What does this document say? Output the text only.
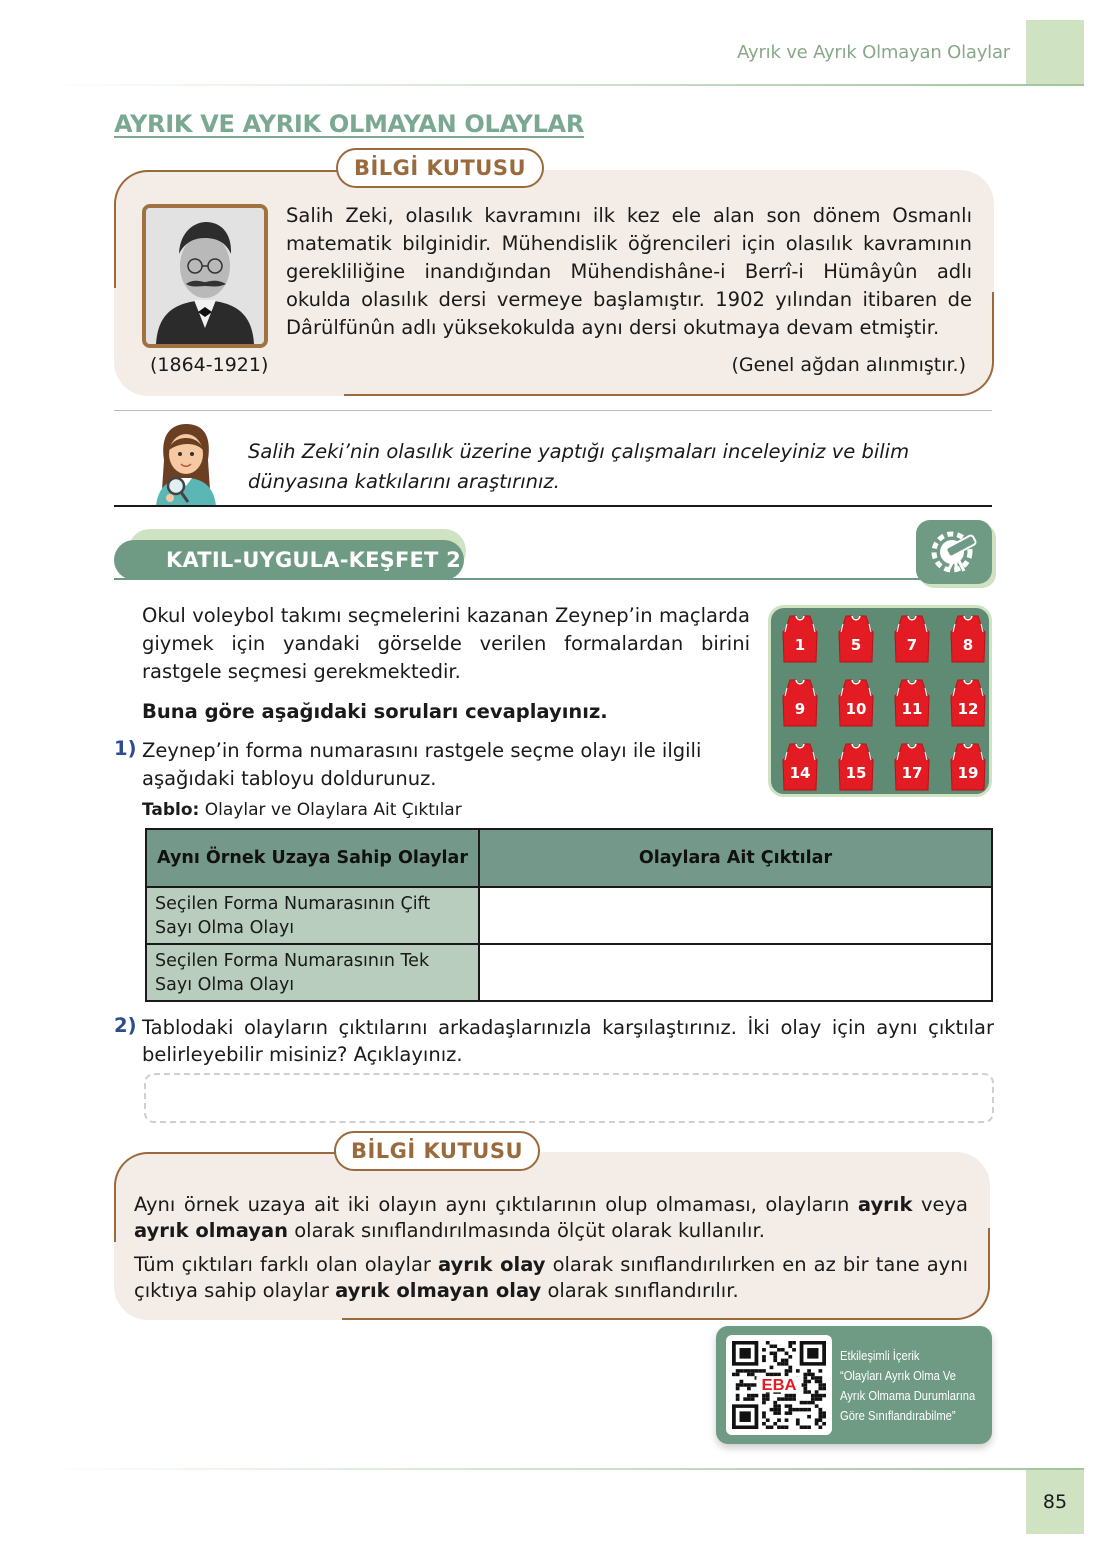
Ayrık ve Ayrık Olmayan Olaylar
AYRIK VE AYRIK OLMAYAN OLAYLAR
BİLGİ KUTUSU
(1864-1921)
Salih Zeki, olasılık kavramını ilk kez ele alan son dönem Osmanlı matematik bilginidir. Mühendislik öğrencileri için olasılık kavramının gerekliliğine inandığından Mühendishâne-i Berrî-i Hümâyûn adlı okulda olasılık dersi vermeye başlamıştır. 1902 yılından itibaren de Dârülfünûn adlı yüksekokulda aynı dersi okutmaya devam etmiştir.
(Genel ağdan alınmıştır.)
Salih Zeki’nin olasılık üzerine yaptığı çalışmaları inceleyiniz ve bilim dünyasına katkılarını araştırınız.
KATIL-UYGULA-KEŞFET 2
Okul voleybol takımı seçmelerini kazanan Zeynep’in maçlarda giymek için yandaki görselde verilen formalardan birini rastgele seçmesi gerekmektedir.
Buna göre aşağıdaki soruları cevaplayınız.
1) Zeynep’in forma numarasını rastgele seçme olayı ile ilgili aşağıdaki tabloyu doldurunuz.
1	5	7	8
9	10	11	12
14	15	17	19
Tablo: Olaylar ve Olaylara Ait Çıktılar
Aynı Örnek Uzaya Sahip Olaylar	Olaylara Ait Çıktılar
Seçilen Forma Numarasının Çift Sayı Olma Olayı	
Seçilen Forma Numarasının Tek Sayı Olma Olayı	
2) Tablodaki olayların çıktılarını arkadaşlarınızla karşılaştırınız. İki olay için aynı çıktılar belirleyebilir misiniz? Açıklayınız.
BİLGİ KUTUSU

Aynı örnek uzaya ait iki olayın aynı çıktılarının olup olmaması, olayların ayrık veya ayrık olmayan olarak sınıflandırılmasında ölçüt olarak kullanılır.

Tüm çıktıları farklı olan olaylar ayrık olay olarak sınıflandırılırken en az bir tane aynı çıktıya sahip olaylar ayrık olmayan olay olarak sınıflandırılır.

EBA
Etkileşimli İçerik
“Olayları Ayrık Olma Ve
Ayrık Olmama Durumlarına
Göre Sınıflandırabilme”
85
